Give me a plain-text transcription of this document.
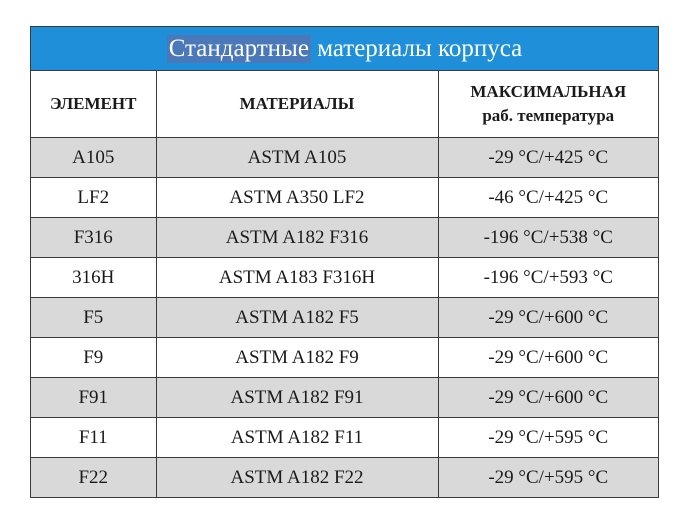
Стандартные материалы корпуса
ЭЛЕМЕНТ	МАТЕРИАЛЫ	МАКСИМАЛЬНАЯ
раб. температура

A105	ASTM A105	-29 °C/+425 °C
LF2	ASTM A350 LF2	-46 °C/+425 °C
F316	ASTM A182 F316	-196 °C/+538 °C
316H	ASTM A183 F316H	-196 °C/+593 °C
F5	ASTM A182 F5	-29 °C/+600 °C
F9	ASTM A182 F9	-29 °C/+600 °C
F91	ASTM A182 F91	-29 °C/+600 °C
F11	ASTM A182 F11	-29 °C/+595 °C
F22	ASTM A182 F22	-29 °C/+595 °C
